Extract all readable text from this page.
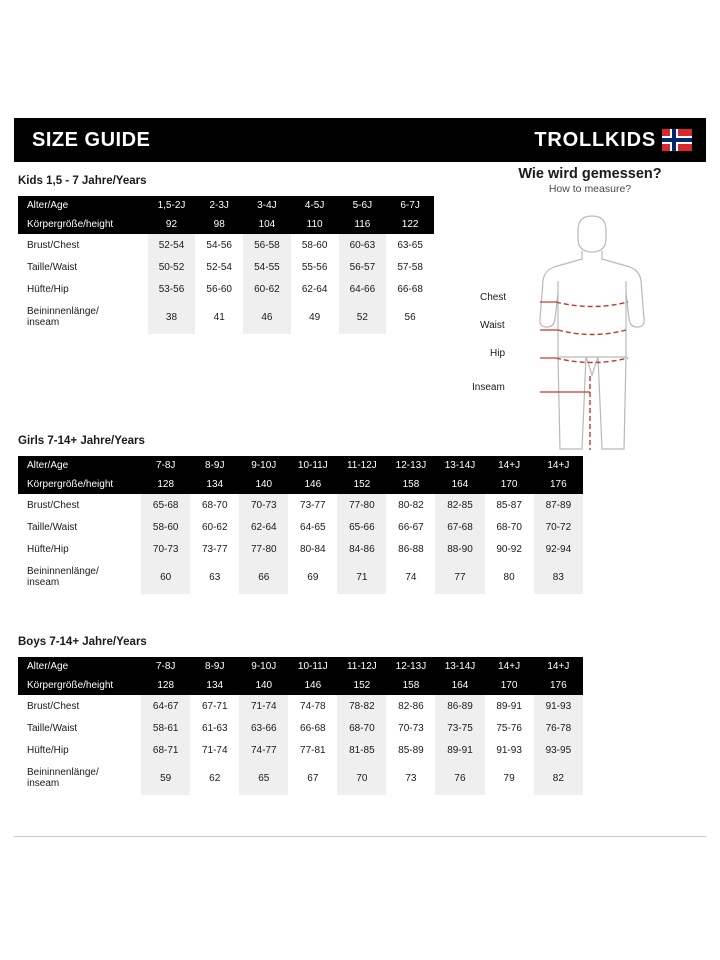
SIZE GUIDE	TROLLKIDS
Kids 1,5 - 7 Jahre/Years
Alter/Age	1,5-2J	2-3J	3-4J	4-5J	5-6J	6-7J
Körpergröße/height	92	98	104	110	116	122
Brust/Chest	52-54	54-56	56-58	58-60	60-63	63-65
Taille/Waist	50-52	52-54	54-55	55-56	56-57	57-58
Hüfte/Hip	53-56	56-60	60-62	62-64	64-66	66-68

Beininnenlänge/
inseam	38	41	46	49	52	56
Wie wird gemessen?
How to measure?
Chest
Waist
Hip
Inseam
Girls 7-14+ Jahre/Years
Alter/Age	7-8J	8-9J	9-10J	10-11J	11-12J	12-13J	13-14J	14+J	14+J
Körpergröße/height	128	134	140	146	152	158	164	170	176
Brust/Chest	65-68	68-70	70-73	73-77	77-80	80-82	82-85	85-87	87-89
Taille/Waist	58-60	60-62	62-64	64-65	65-66	66-67	67-68	68-70	70-72
Hüfte/Hip	70-73	73-77	77-80	80-84	84-86	86-88	88-90	90-92	92-94

Beininnenlänge/
inseam	60	63	66	69	71	74	77	80	83
Boys 7-14+ Jahre/Years
Alter/Age	7-8J	8-9J	9-10J	10-11J	11-12J	12-13J	13-14J	14+J	14+J
Körpergröße/height	128	134	140	146	152	158	164	170	176
Brust/Chest	64-67	67-71	71-74	74-78	78-82	82-86	86-89	89-91	91-93
Taille/Waist	58-61	61-63	63-66	66-68	68-70	70-73	73-75	75-76	76-78
Hüfte/Hip	68-71	71-74	74-77	77-81	81-85	85-89	89-91	91-93	93-95

Beininnenlänge/
inseam	59	62	65	67	70	73	76	79	82
